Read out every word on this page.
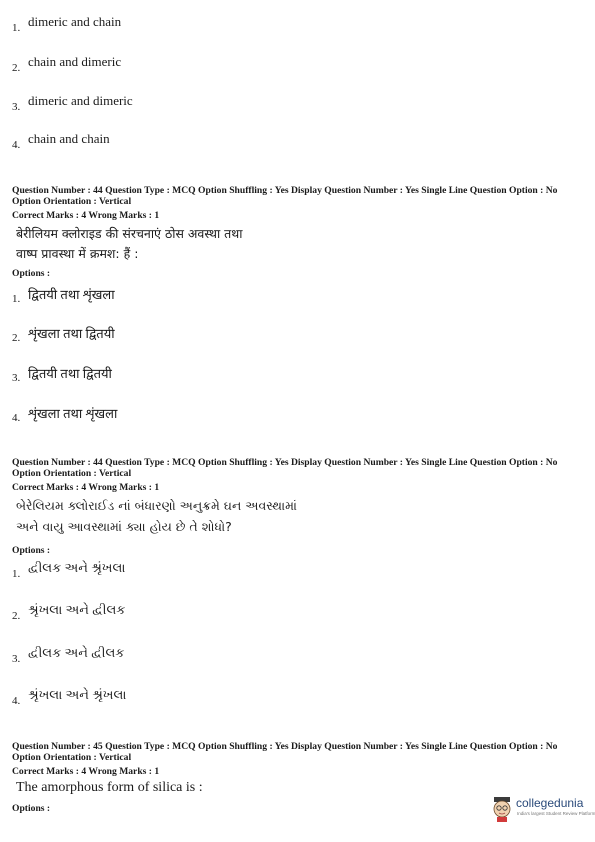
1. dimeric and chain
2. chain and dimeric
3. dimeric and dimeric
4. chain and chain
Question Number : 44 Question Type : MCQ Option Shuffling : Yes Display Question Number : Yes Single Line Question Option : No Option Orientation : Vertical
Correct Marks : 4 Wrong Marks : 1
बेरीलियम क्लोराइड की संरचनाएं ठोस अवस्था तथा
वाष्प प्रावस्था में क्रमश: हैं :
Options :
1. द्वितयी तथा शृंखला
2. शृंखला तथा द्वितयी
3. द्वितयी तथा द्वितयी
4. शृंखला तथा शृंखला
Question Number : 44 Question Type : MCQ Option Shuffling : Yes Display Question Number : Yes Single Line Question Option : No Option Orientation : Vertical
Correct Marks : 4 Wrong Marks : 1
બેરેલિયમ ક્લોરાઈડ નાં બંધારણો અનુક્રમે ઘન અવસ્થામાં
અને વાયુ આવસ્થામાં ક્યા હોય છે તે શોધો?
Options :
1. દ્વીલક અને શ્રૃંખલા
2. શ્રૃંખલા અને દ્વીલક
3. દ્વીલક અને દ્વીલક
4. શ્રૃંખલા અને શ્રૃંખલા
Question Number : 45 Question Type : MCQ Option Shuffling : Yes Display Question Number : Yes Single Line Question Option : No Option Orientation : Vertical
Correct Marks : 4 Wrong Marks : 1
The amorphous form of silica is :
Options :	collegedunia
India's largest Student Review Platform
